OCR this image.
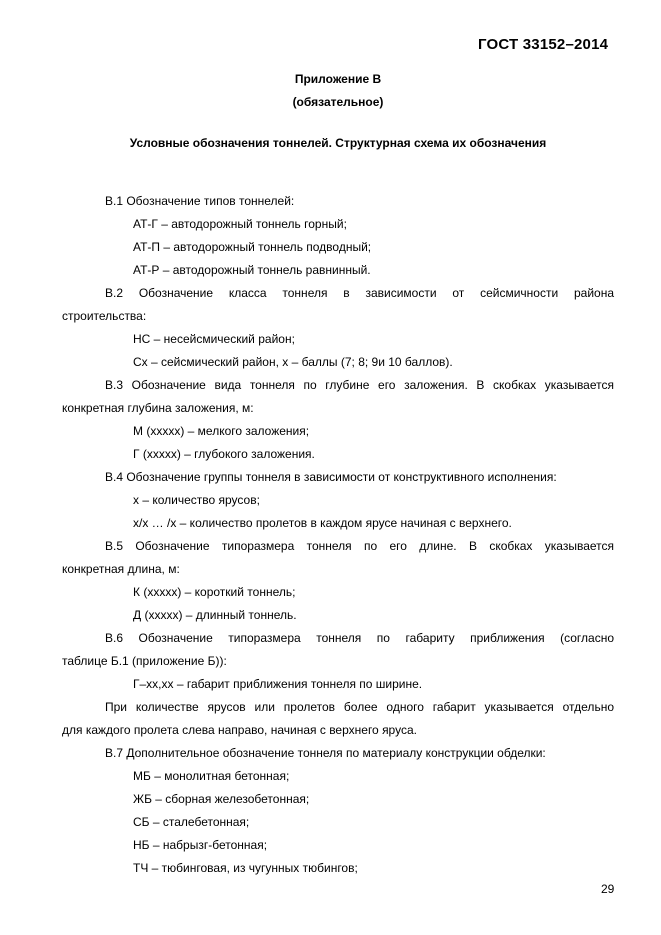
ГОСТ 33152–2014
Приложение В
(обязательное)
Условные обозначения тоннелей. Структурная схема их обозначения
В.1 Обозначение типов тоннелей:
АТ-Г – автодорожный тоннель горный;
АТ-П – автодорожный тоннель подводный;
АТ-Р – автодорожный тоннель равнинный.
В.2 Обозначение класса тоннеля в зависимости от сейсмичности района
строительства:
НС – несейсмический район;
Сх – сейсмический район, х – баллы (7; 8; 9и 10 баллов).
В.3 Обозначение вида тоннеля по глубине его заложения. В скобках указывается
конкретная глубина заложения, м:
М (ххххх) – мелкого заложения;
Г (ххххх) – глубокого заложения.
В.4 Обозначение группы тоннеля в зависимости от конструктивного исполнения:
х – количество ярусов;
х/х … /х – количество пролетов в каждом ярусе начиная с верхнего.
В.5 Обозначение типоразмера тоннеля по его длине. В скобках указывается
конкретная длина, м:
К (ххххх) – короткий тоннель;
Д (ххххх) – длинный тоннель.
В.6 Обозначение типоразмера тоннеля по габариту приближения (согласно
таблице Б.1 (приложение Б)):
Г–хх,хх – габарит приближения тоннеля по ширине.
При количестве ярусов или пролетов более одного габарит указывается отдельно
для каждого пролета слева направо, начиная с верхнего яруса.
В.7 Дополнительное обозначение тоннеля по материалу конструкции обделки:
МБ – монолитная бетонная;
ЖБ – сборная железобетонная;
СБ – сталебетонная;
НБ – набрызг-бетонная;
ТЧ – тюбинговая, из чугунных тюбингов;
29
